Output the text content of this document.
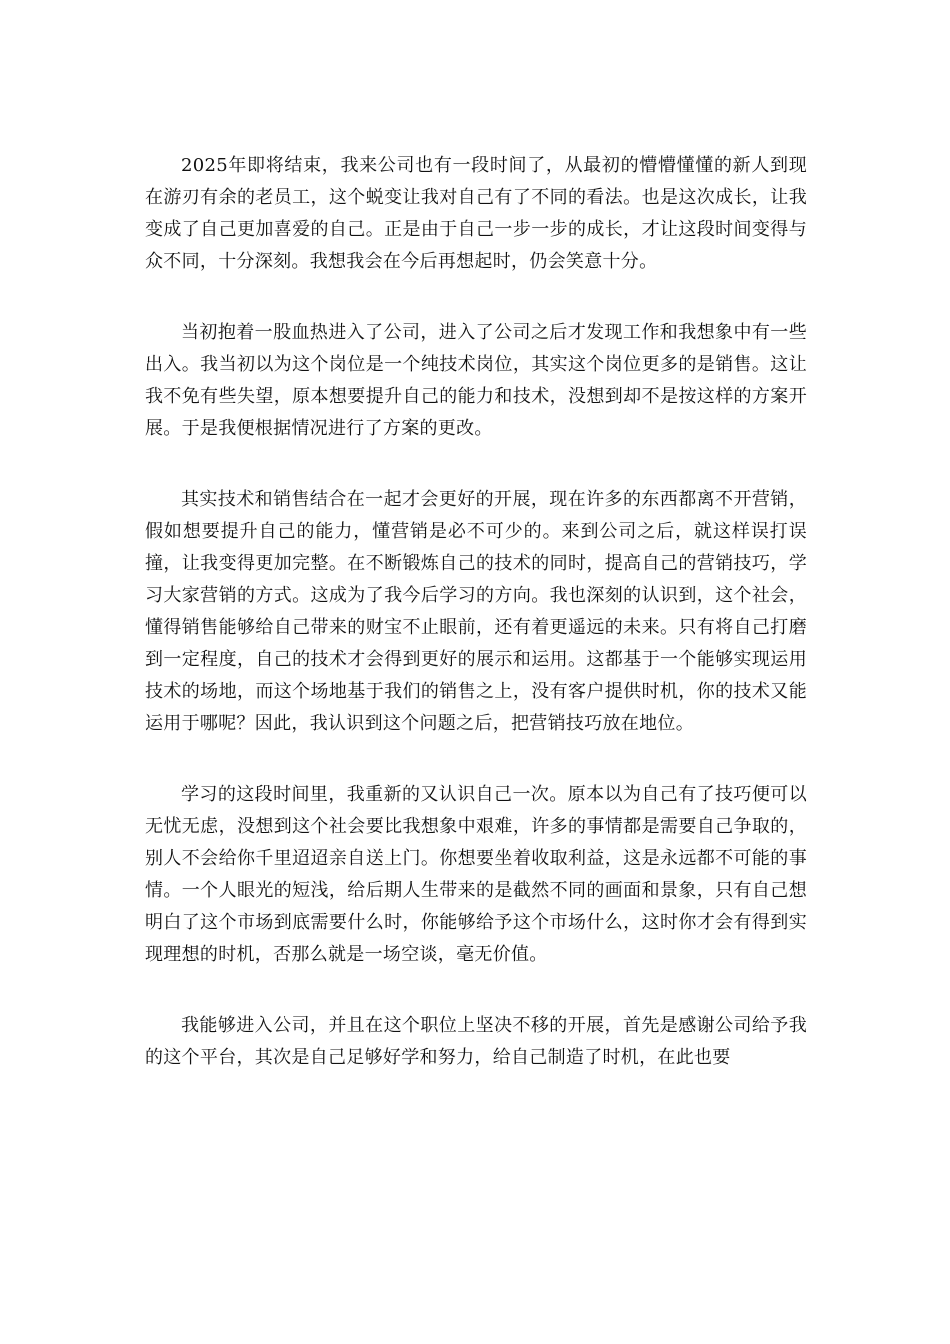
2025年即将结束，我来公司也有一段时间了，从最初的懵懵懂懂的新人到现在游刃有余的老员工，这个蜕变让我对自己有了不同的看法。也是这次成长，让我变成了自己更加喜爱的自己。正是由于自己一步一步的成长，才让这段时间变得与众不同，十分深刻。我想我会在今后再想起时，仍会笑意十分。

当初抱着一股血热进入了公司，进入了公司之后才发现工作和我想象中有一些出入。我当初以为这个岗位是一个纯技术岗位，其实这个岗位更多的是销售。这让我不免有些失望，原本想要提升自己的能力和技术，没想到却不是按这样的方案开展。于是我便根据情况进行了方案的更改。

其实技术和销售结合在一起才会更好的开展，现在许多的东西都离不开营销，假如想要提升自己的能力，懂营销是必不可少的。来到公司之后，就这样误打误撞，让我变得更加完整。在不断锻炼自己的技术的同时，提高自己的营销技巧，学习大家营销的方式。这成为了我今后学习的方向。我也深刻的认识到，这个社会，懂得销售能够给自己带来的财宝不止眼前，还有着更遥远的未来。只有将自己打磨到一定程度，自己的技术才会得到更好的展示和运用。这都基于一个能够实现运用技术的场地，而这个场地基于我们的销售之上，没有客户提供时机，你的技术又能运用于哪呢？因此，我认识到这个问题之后，把营销技巧放在地位。

学习的这段时间里，我重新的又认识自己一次。原本以为自己有了技巧便可以无忧无虑，没想到这个社会要比我想象中艰难，许多的事情都是需要自己争取的，别人不会给你千里迢迢亲自送上门。你想要坐着收取利益，这是永远都不可能的事情。一个人眼光的短浅，给后期人生带来的是截然不同的画面和景象，只有自己想明白了这个市场到底需要什么时，你能够给予这个市场什么，这时你才会有得到实现理想的时机，否那么就是一场空谈，毫无价值。

我能够进入公司，并且在这个职位上坚决不移的开展，首先是感谢公司给予我的这个平台，其次是自己足够好学和努力，给自己制造了时机，在此也要
